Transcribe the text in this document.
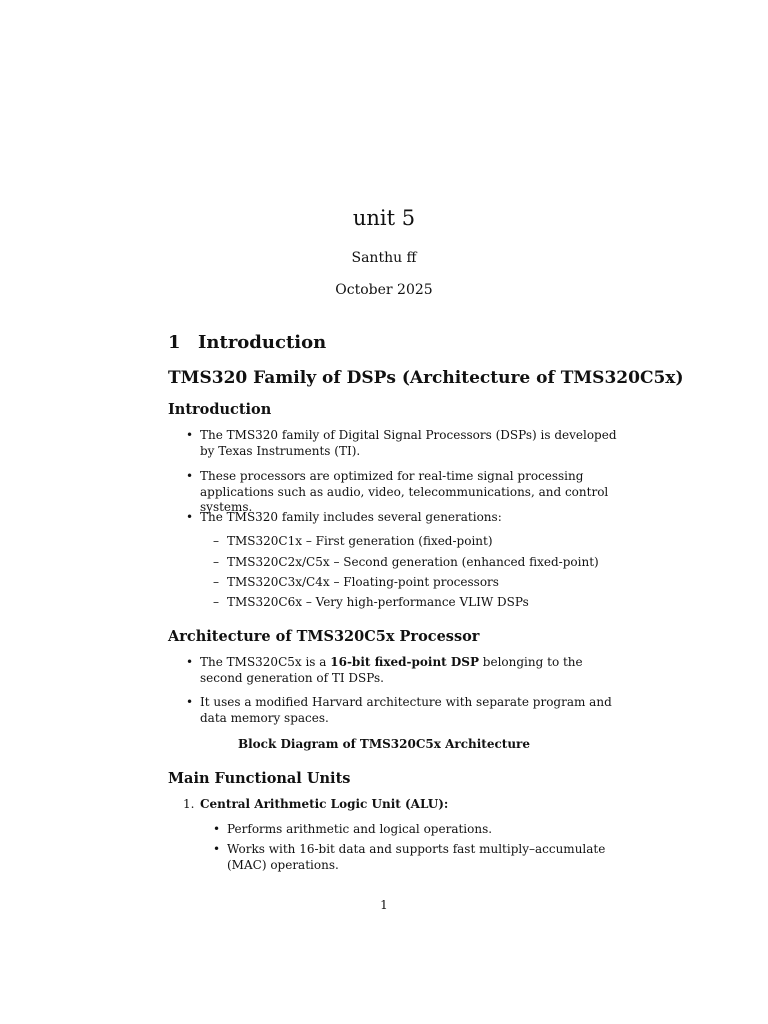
unit 5
Santhu ff
October 2025
1 Introduction
TMS320 Family of DSPs (Architecture of TMS320C5x)
Introduction
• The TMS320 family of Digital Signal Processors (DSPs) is developed by Texas Instruments (TI).
• These processors are optimized for real-time signal processing applications such as audio, video, telecommunications, and control systems.
• The TMS320 family includes several generations:
– TMS320C1x – First generation (fixed-point)
– TMS320C2x/C5x – Second generation (enhanced fixed-point)
– TMS320C3x/C4x – Floating-point processors
– TMS320C6x – Very high-performance VLIW DSPs
Architecture of TMS320C5x Processor
• The TMS320C5x is a 16-bit fixed-point DSP belonging to the second generation of TI DSPs.
• It uses a modified Harvard architecture with separate program and data memory spaces.
Block Diagram of TMS320C5x Architecture
Main Functional Units
1. Central Arithmetic Logic Unit (ALU):
• Performs arithmetic and logical operations.
• Works with 16-bit data and supports fast multiply–accumulate (MAC) operations.
1
